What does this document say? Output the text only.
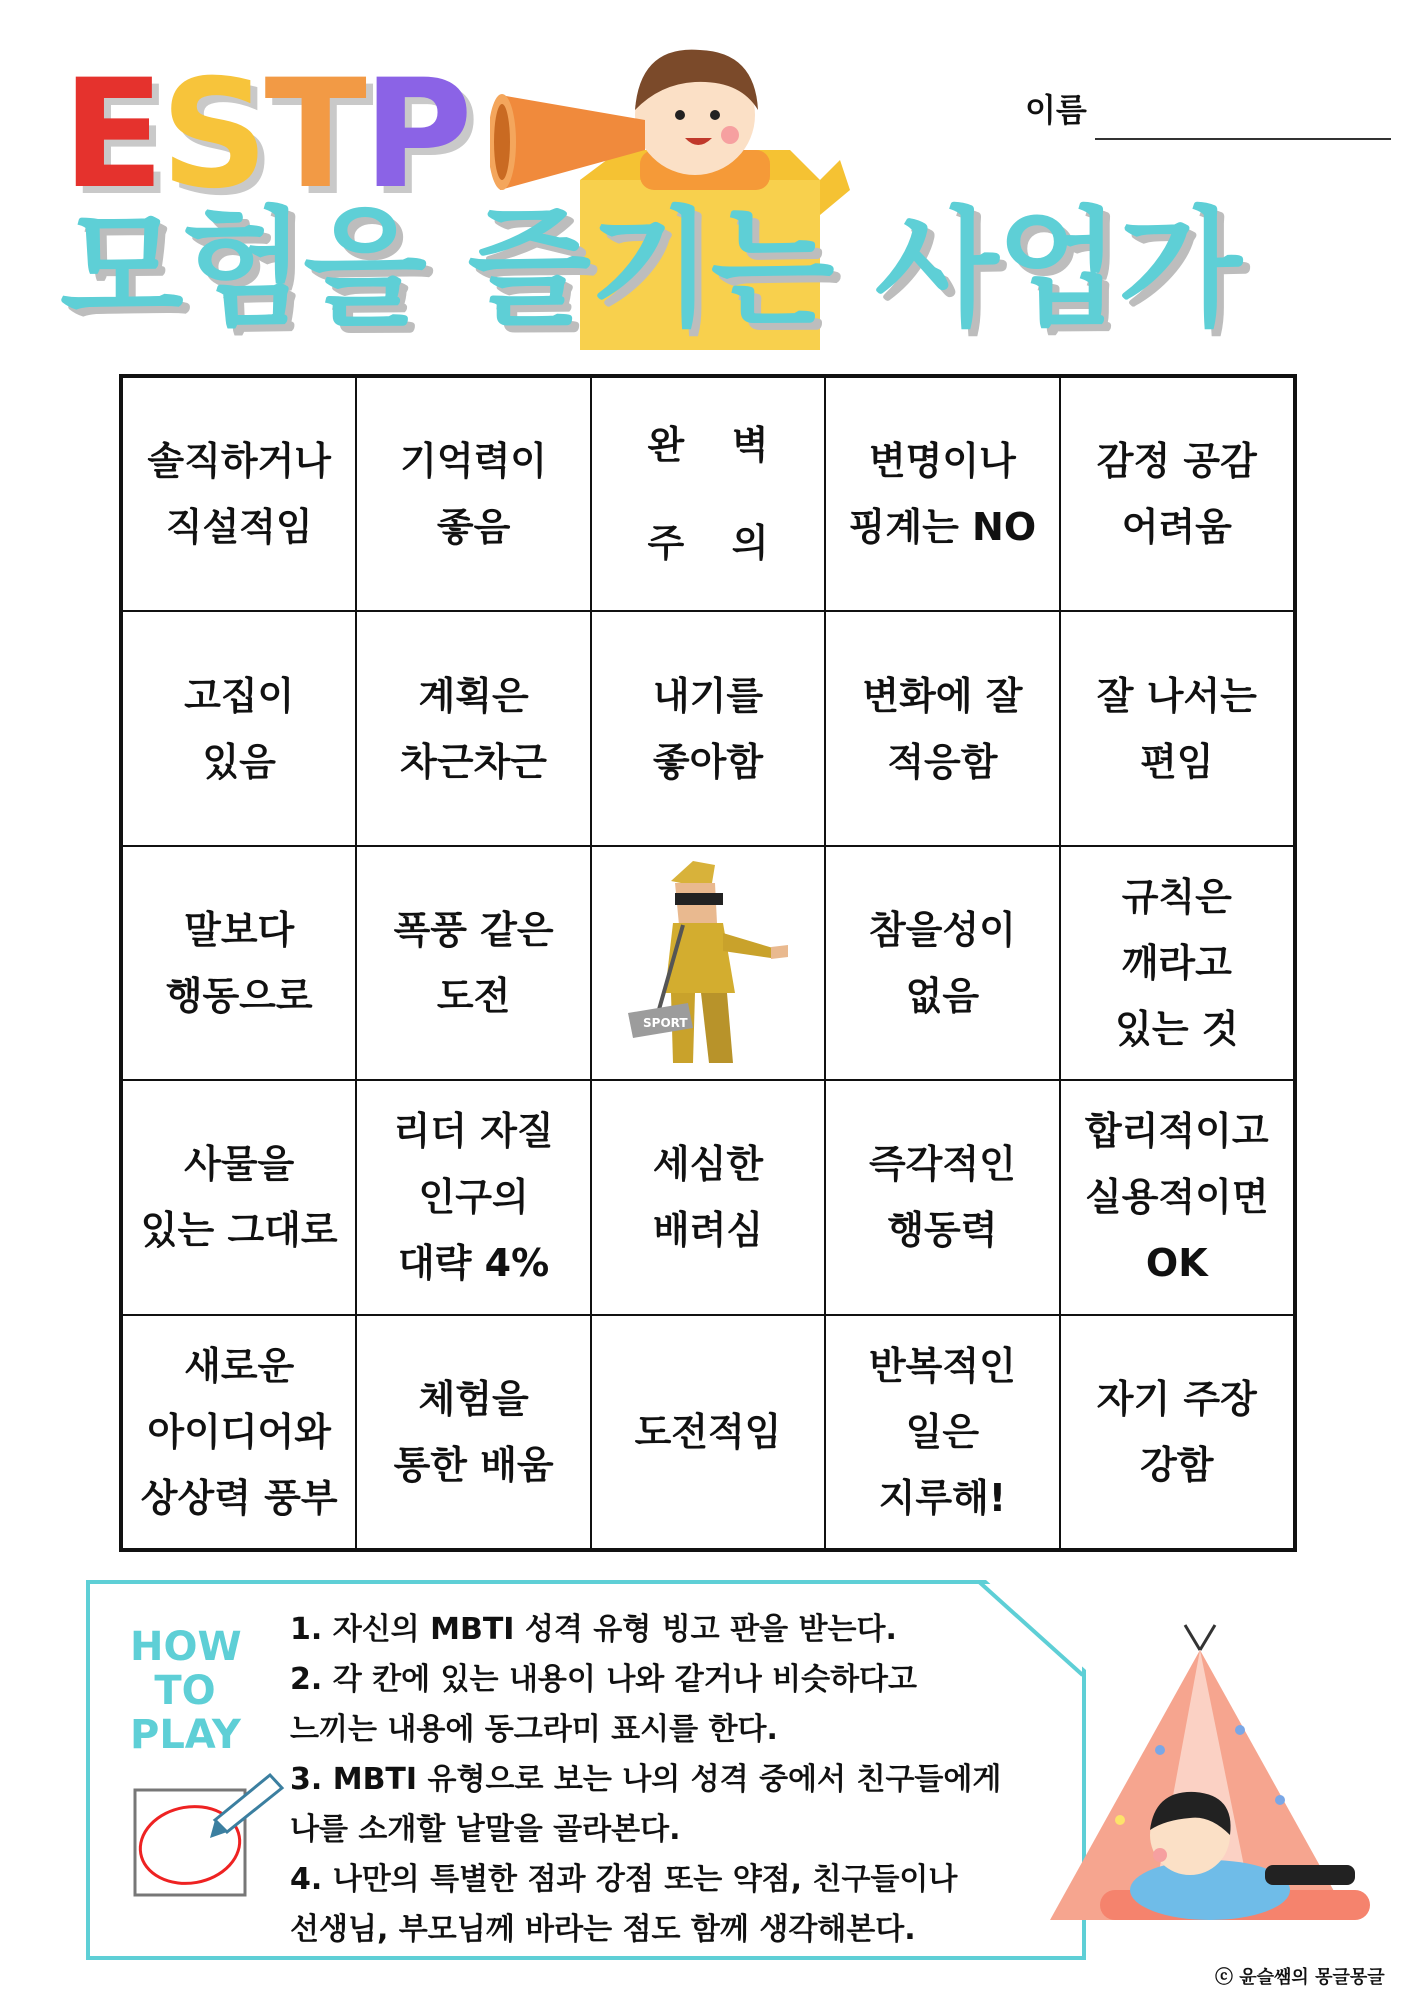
E S T P
모험을 즐기는 사업가
이름
솔직하거나
직설적임
기억력이
좋음
완	벽
주	의
변명이나
핑계는 NO
감정 공감
어려움
고집이
있음
계획은
차근차근
내기를
좋아함
변화에 잘
적응함
잘 나서는
편임
말보다
행동으로
폭풍 같은
도전
SPORT
참을성이
없음
규칙은
깨라고
있는 것
사물을
있는 그대로
리더 자질
인구의
대략 4%
세심한
배려심
즉각적인
행동력
합리적이고
실용적이면
OK
새로운
아이디어와
상상력 풍부
체험을
통한 배움
도전적임
반복적인
일은
지루해!
자기 주장
강함
HOW
TO
PLAY
1. 자신의 MBTI 성격 유형 빙고 판을 받는다.
2. 각 칸에 있는 내용이 나와 같거나 비슷하다고
느끼는 내용에 동그라미 표시를 한다.
3. MBTI 유형으로 보는 나의 성격 중에서 친구들에게
나를 소개할 낱말을 골라본다.
4. 나만의 특별한 점과 강점 또는 약점, 친구들이나
선생님, 부모님께 바라는 점도 함께 생각해본다.
ⓒ 윤슬쌤의 몽글몽글
